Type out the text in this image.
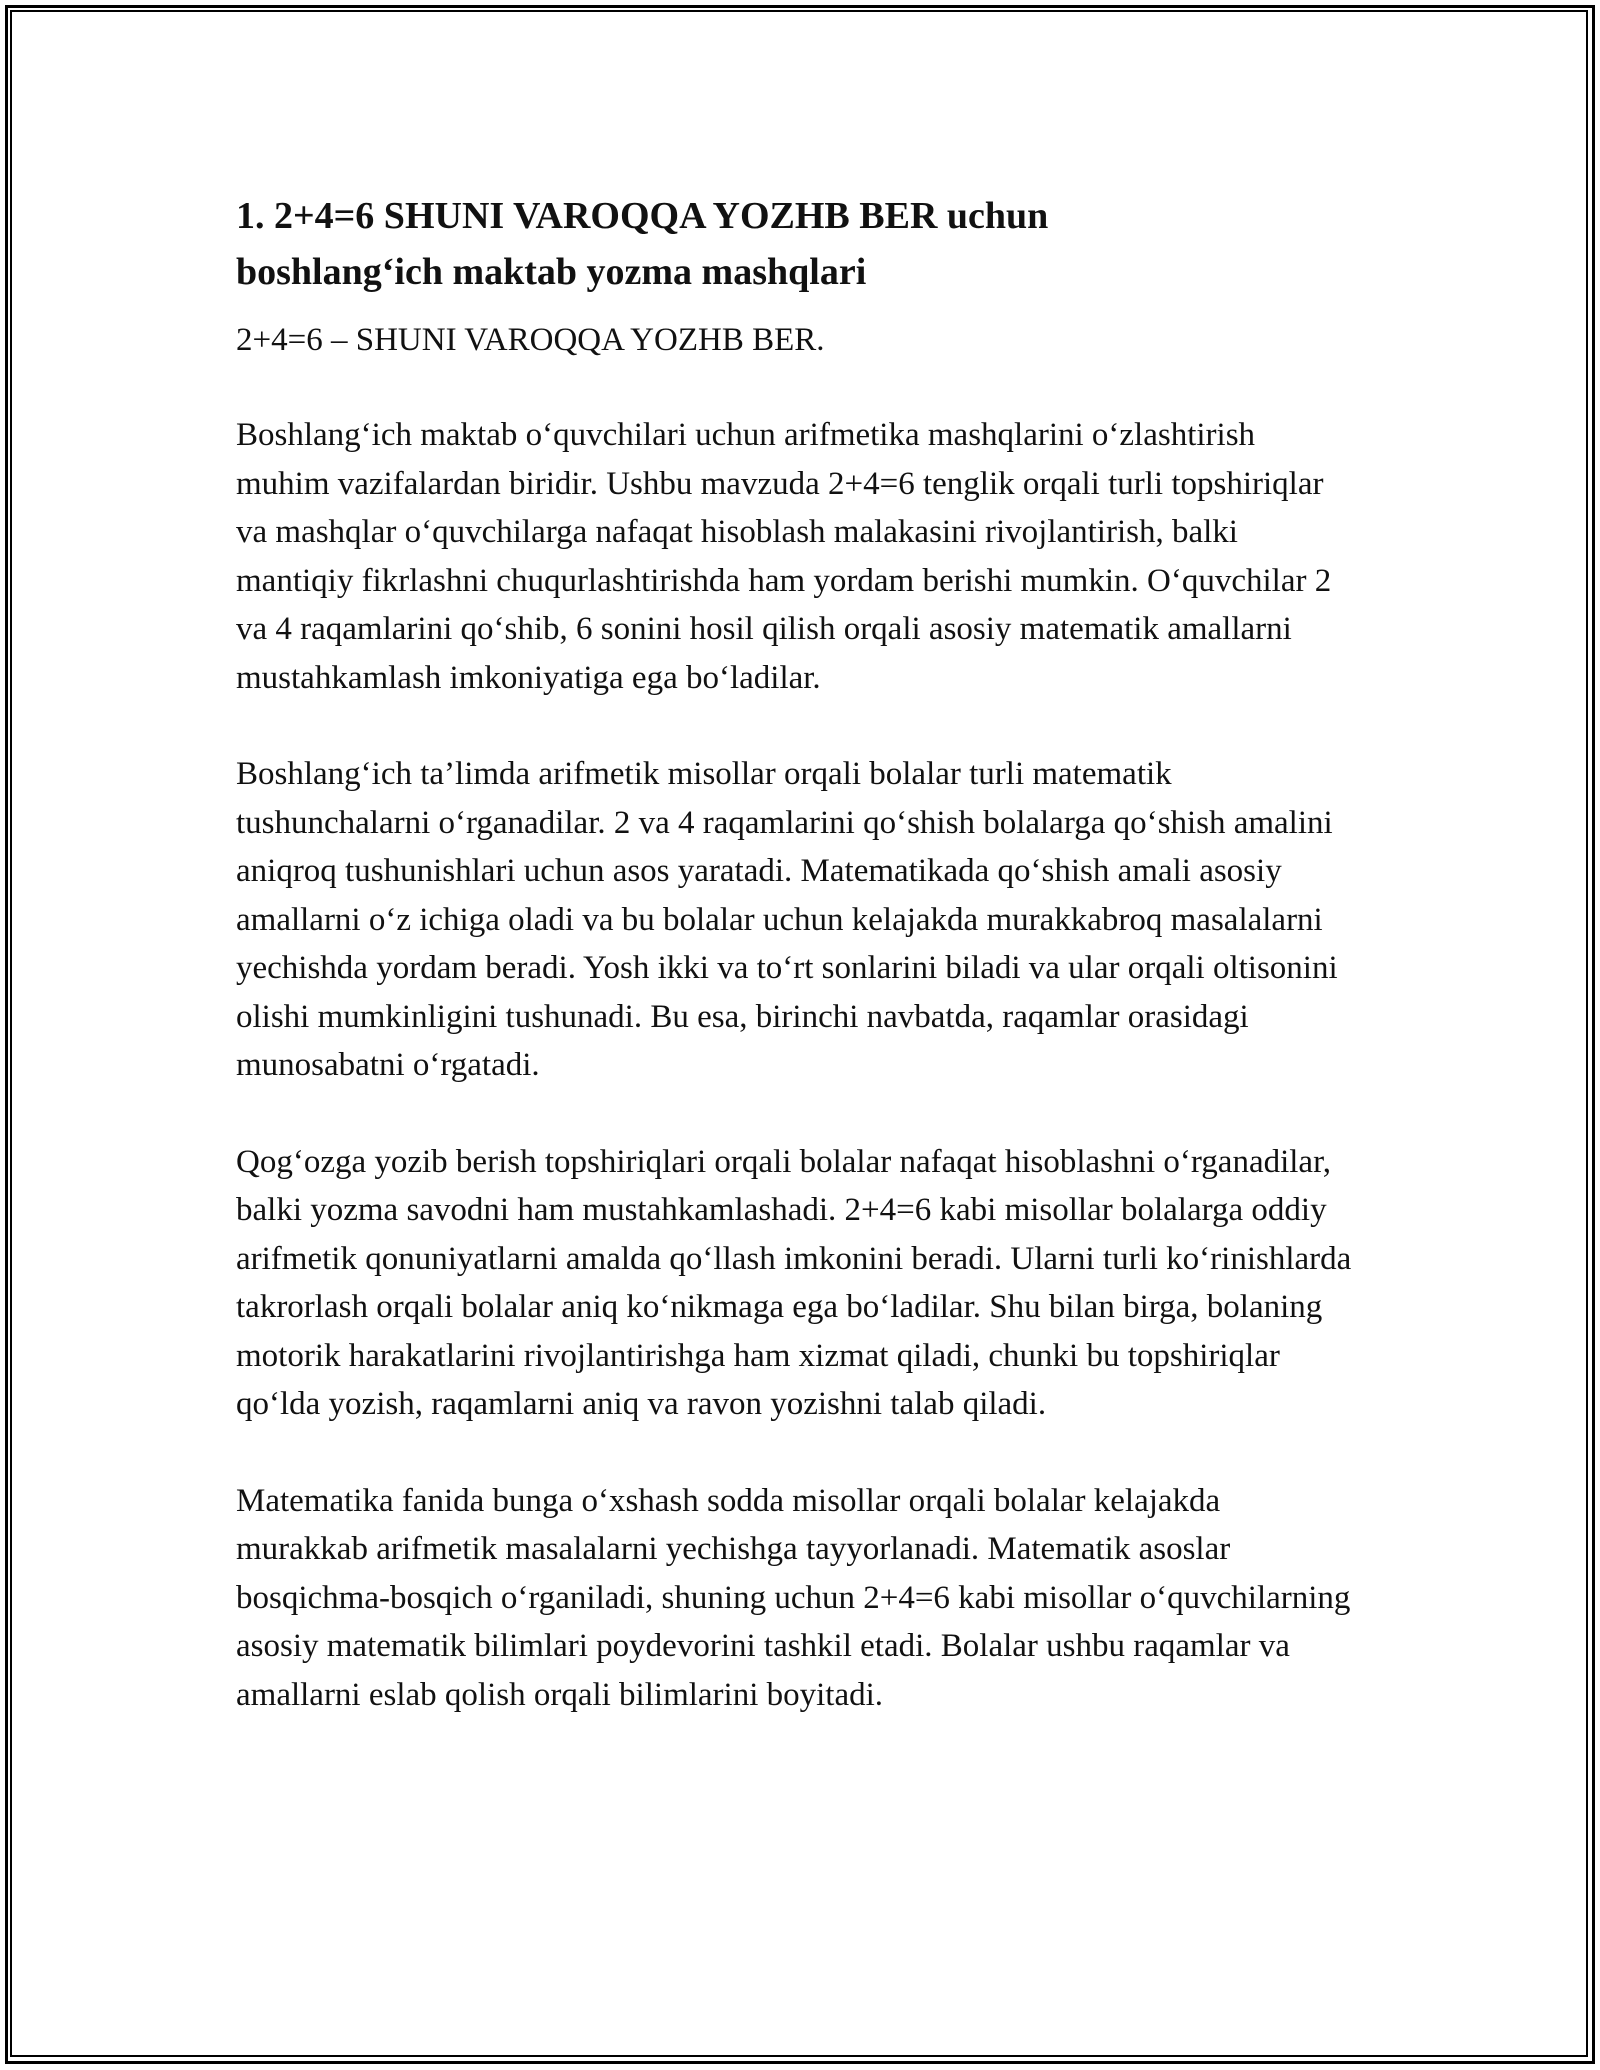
1. 2+4=6 SHUNI VAROQQA YOZHB BER uchun
boshlang‘ich maktab yozma mashqlari

2+4=6 – SHUNI VAROQQA YOZHB BER.

Boshlang‘ich maktab o‘quvchilari uchun arifmetika mashqlarini o‘zlashtirish muhim vazifalardan biridir. Ushbu mavzuda 2+4=6 tenglik orqali turli topshiriqlar va mashqlar o‘quvchilarga nafaqat hisoblash malakasini rivojlantirish, balki mantiqiy fikrlashni chuqurlashtirishda ham yordam berishi mumkin. O‘quvchilar 2 va 4 raqamlarini qo‘shib, 6 sonini hosil qilish orqali asosiy matematik amallarni mustahkamlash imkoniyatiga ega bo‘ladilar.

Boshlang‘ich ta’limda arifmetik misollar orqali bolalar turli matematik tushunchalarni o‘rganadilar. 2 va 4 raqamlarini qo‘shish bolalarga qo‘shish amalini aniqroq tushunishlari uchun asos yaratadi. Matematikada qo‘shish amali asosiy amallarni o‘z ichiga oladi va bu bolalar uchun kelajakda murakkabroq masalalarni yechishda yordam beradi. Yosh ikki va to‘rt sonlarini biladi va ular orqali oltisonini olishi mumkinligini tushunadi. Bu esa, birinchi navbatda, raqamlar orasidagi munosabatni o‘rgatadi.

Qog‘ozga yozib berish topshiriqlari orqali bolalar nafaqat hisoblashni o‘rganadilar, balki yozma savodni ham mustahkamlashadi. 2+4=6 kabi misollar bolalarga oddiy arifmetik qonuniyatlarni amalda qo‘llash imkonini beradi. Ularni turli ko‘rinishlarda takrorlash orqali bolalar aniq ko‘nikmaga ega bo‘ladilar. Shu bilan birga, bolaning motorik harakatlarini rivojlantirishga ham xizmat qiladi, chunki bu topshiriqlar qo‘lda yozish, raqamlarni aniq va ravon yozishni talab qiladi.

Matematika fanida bunga o‘xshash sodda misollar orqali bolalar kelajakda murakkab arifmetik masalalarni yechishga tayyorlanadi. Matematik asoslar bosqichma-bosqich o‘rganiladi, shuning uchun 2+4=6 kabi misollar o‘quvchilarning asosiy matematik bilimlari poydevorini tashkil etadi. Bolalar ushbu raqamlar va amallarni eslab qolish orqali bilimlarini boyitadi.
